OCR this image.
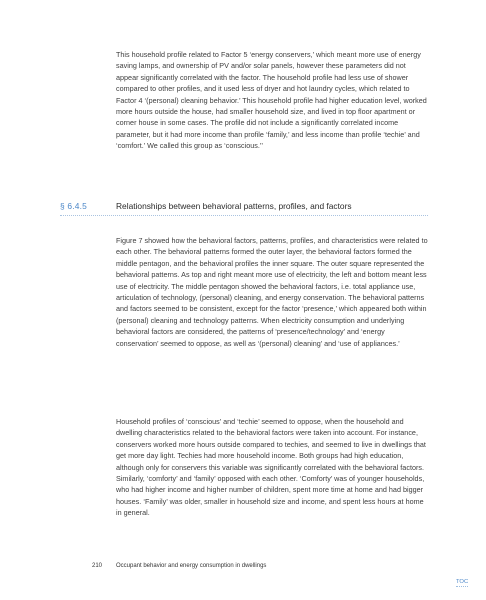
This household profile related to Factor 5 ‘energy conservers,’ which meant more use of energy saving lamps, and ownership of PV and/or solar panels, however these parameters did not appear significantly correlated with the factor. The household profile had less use of shower compared to other profiles, and it used less of dryer and hot laundry cycles, which related to Factor 4 ‘(personal) cleaning behavior.’ This household profile had higher education level, worked more hours outside the house, had smaller household size, and lived in top floor apartment or corner house in some cases. The profile did not include a significantly correlated income parameter, but it had more income than profile ‘family,’ and less income than profile ‘techie’ and ‘comfort.’ We called this group as ‘conscious.’’

§ 6.4.5	Relationships between behavioral patterns, profiles, and factors

Figure 7 showed how the behavioral factors, patterns, profiles, and characteristics were related to each other. The behavioral patterns formed the outer layer, the behavioral factors formed the middle pentagon, and the behavioral profiles the inner square. The outer square represented the behavioral patterns. As top and right meant more use of electricity, the left and bottom meant less use of electricity. The middle pentagon showed the behavioral factors, i.e. total appliance use, articulation of technology, (personal) cleaning, and energy conservation. The behavioral patterns and factors seemed to be consistent, except for the factor ‘presence,’ which appeared both within (personal) cleaning and technology patterns. When electricity consumption and underlying behavioral factors are considered, the patterns of ‘presence/technology’ and ‘energy conservation’ seemed to oppose, as well as ‘(personal) cleaning’ and ‘use of appliances.’

Household profiles of ‘conscious’ and ‘techie’ seemed to oppose, when the household and dwelling characteristics related to the behavioral factors were taken into account. For instance, conservers worked more hours outside compared to techies, and seemed to live in dwellings that get more day light. Techies had more household income. Both groups had high education, although only for conservers this variable was significantly correlated with the behavioral factors. Similarly, ‘comforty’ and ‘family’ opposed with each other. ‘Comforty’ was of younger households, who had higher income and higher number of children, spent more time at home and had bigger houses. ‘Family’ was older, smaller in household size and income, and spent less hours at home in general.

210 Occupant behavior and energy consumption in dwellings
TOC
